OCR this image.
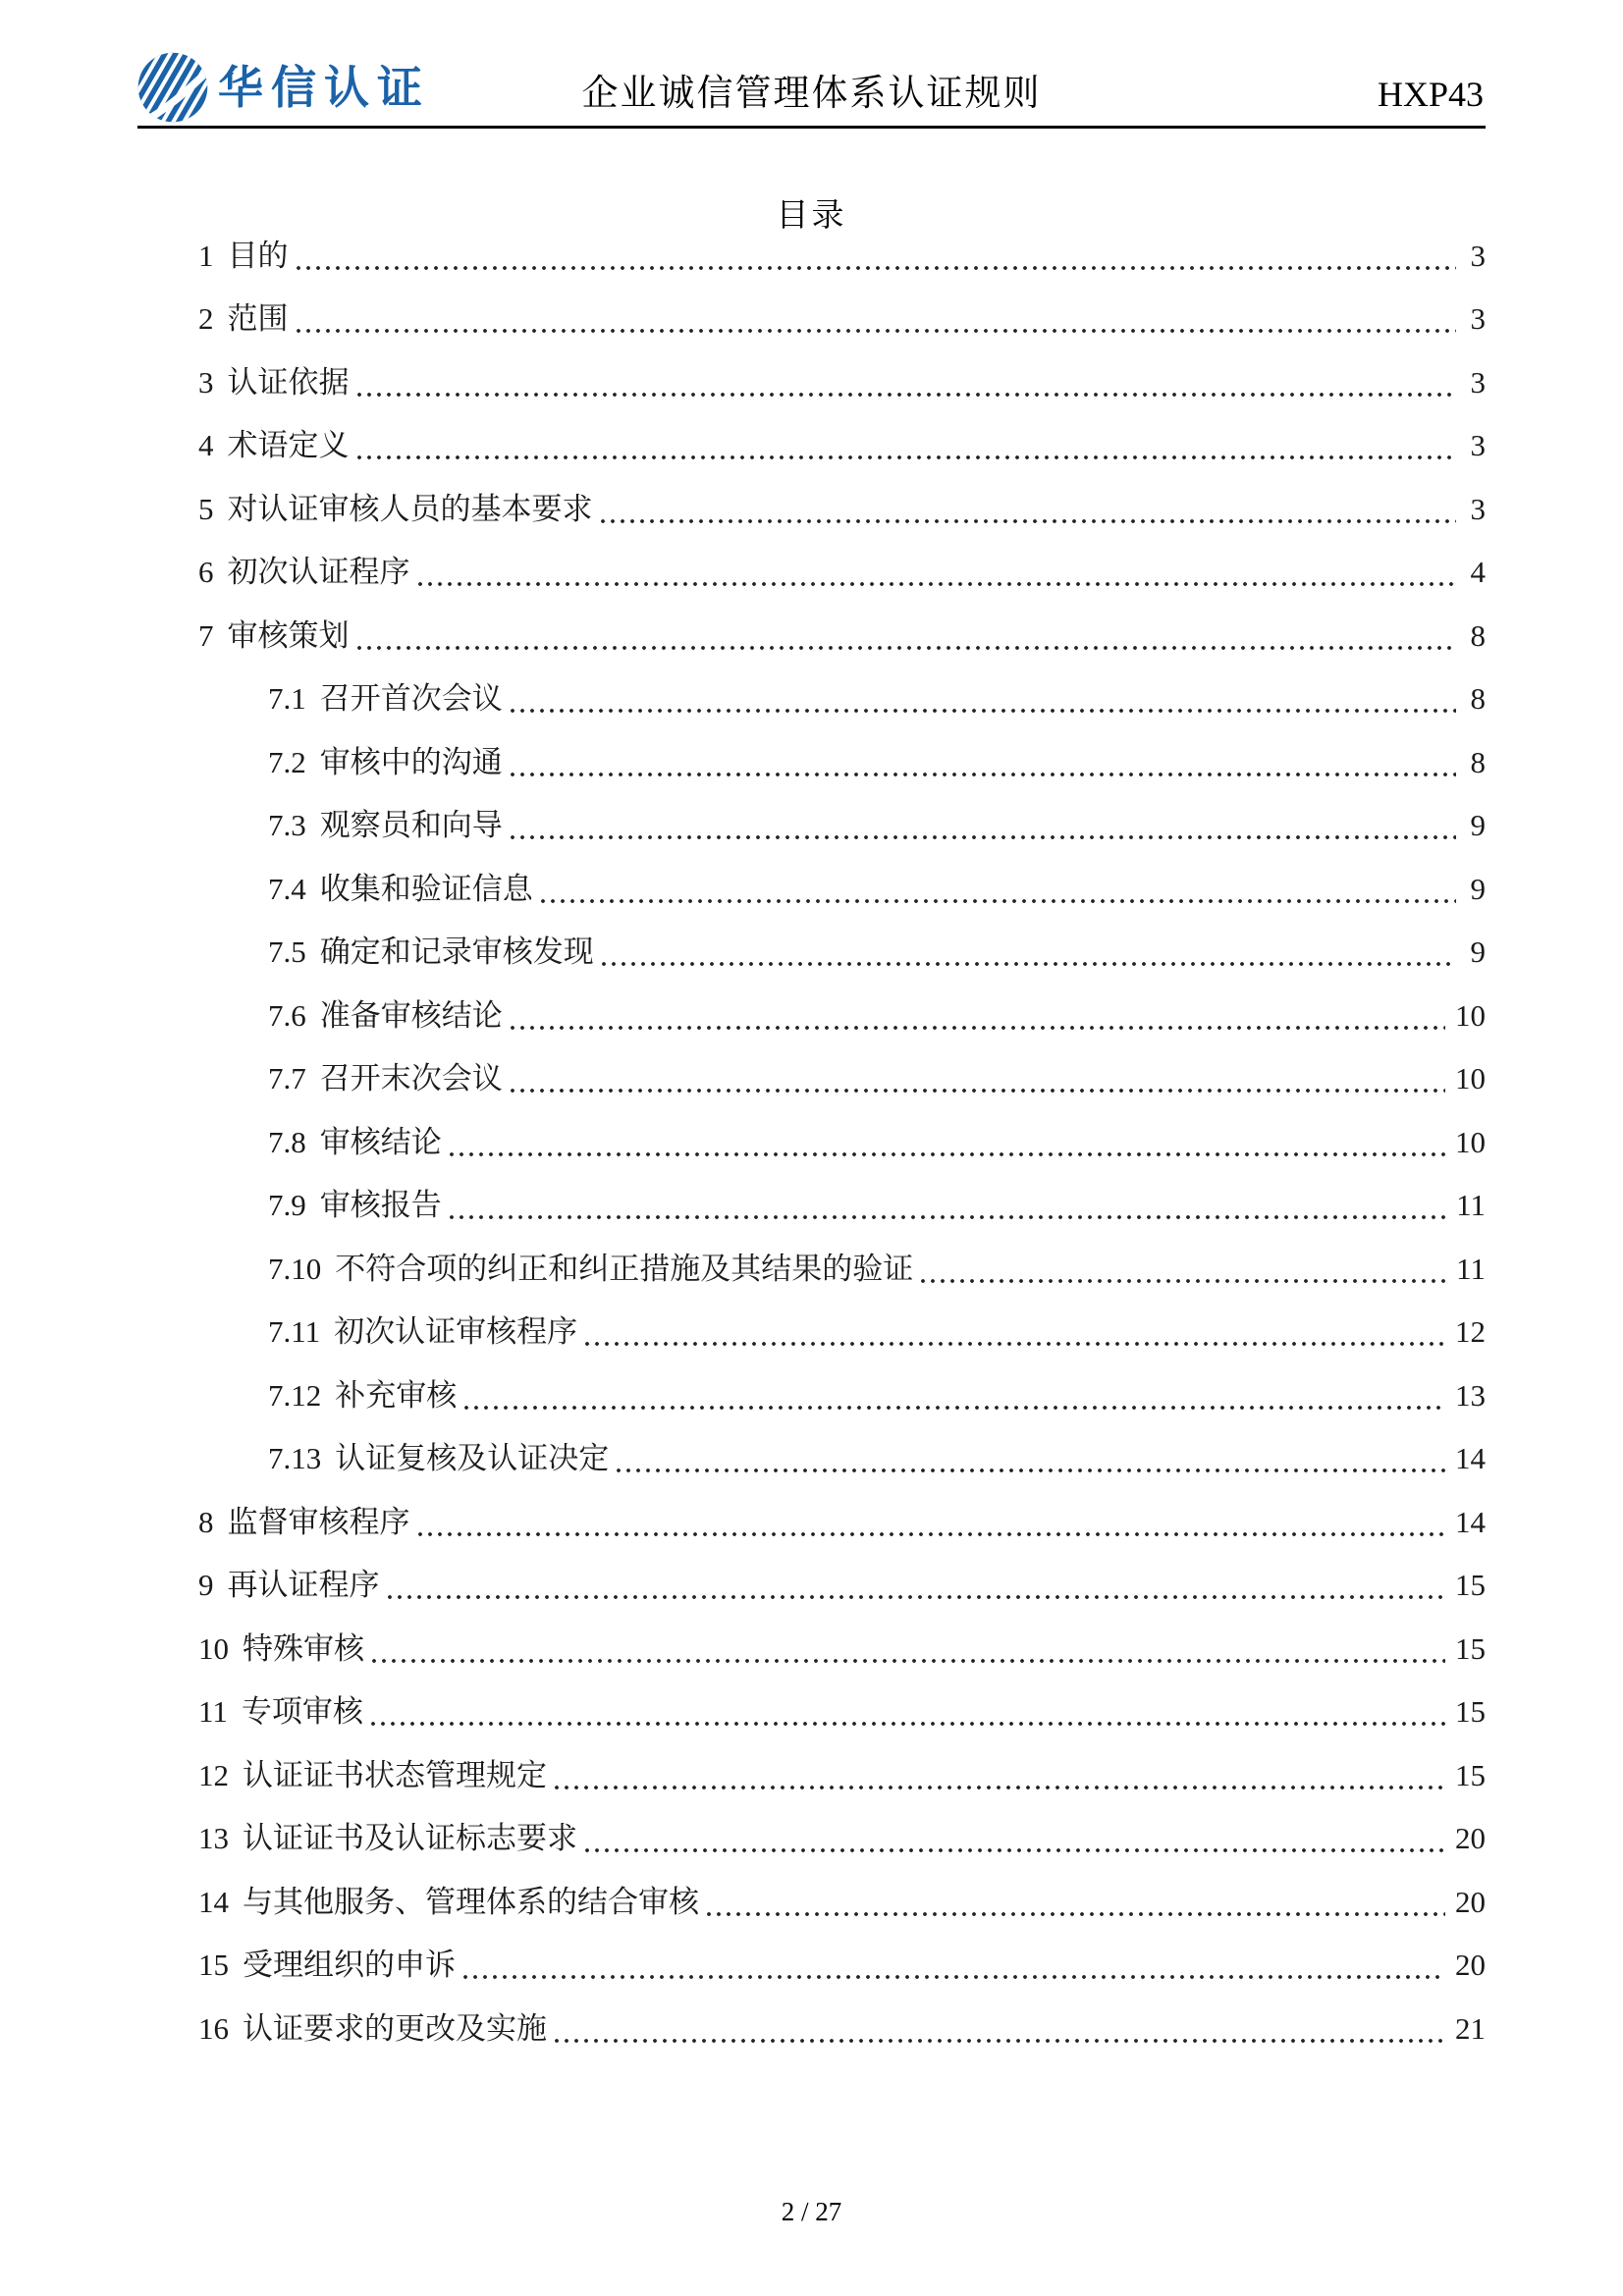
华信认证	企业诚信管理体系认证规则	HXP43
目录
1 目的	3
2 范围	3
3 认证依据	3
4 术语定义	3
5 对认证审核人员的基本要求	3
6 初次认证程序	4
7 审核策划	8
7.1 召开首次会议	8
7.2 审核中的沟通	8
7.3 观察员和向导	9
7.4 收集和验证信息	9
7.5 确定和记录审核发现	9
7.6 准备审核结论	10
7.7 召开末次会议	10
7.8 审核结论	10
7.9 审核报告	11
7.10 不符合项的纠正和纠正措施及其结果的验证	11
7.11 初次认证审核程序	12
7.12 补充审核	13
7.13 认证复核及认证决定	14
8 监督审核程序	14
9 再认证程序	15
10 特殊审核	15
11 专项审核	15
12 认证证书状态管理规定	15
13 认证证书及认证标志要求	20
14 与其他服务、管理体系的结合审核	20
15 受理组织的申诉	20
16 认证要求的更改及实施	21
2 / 27
